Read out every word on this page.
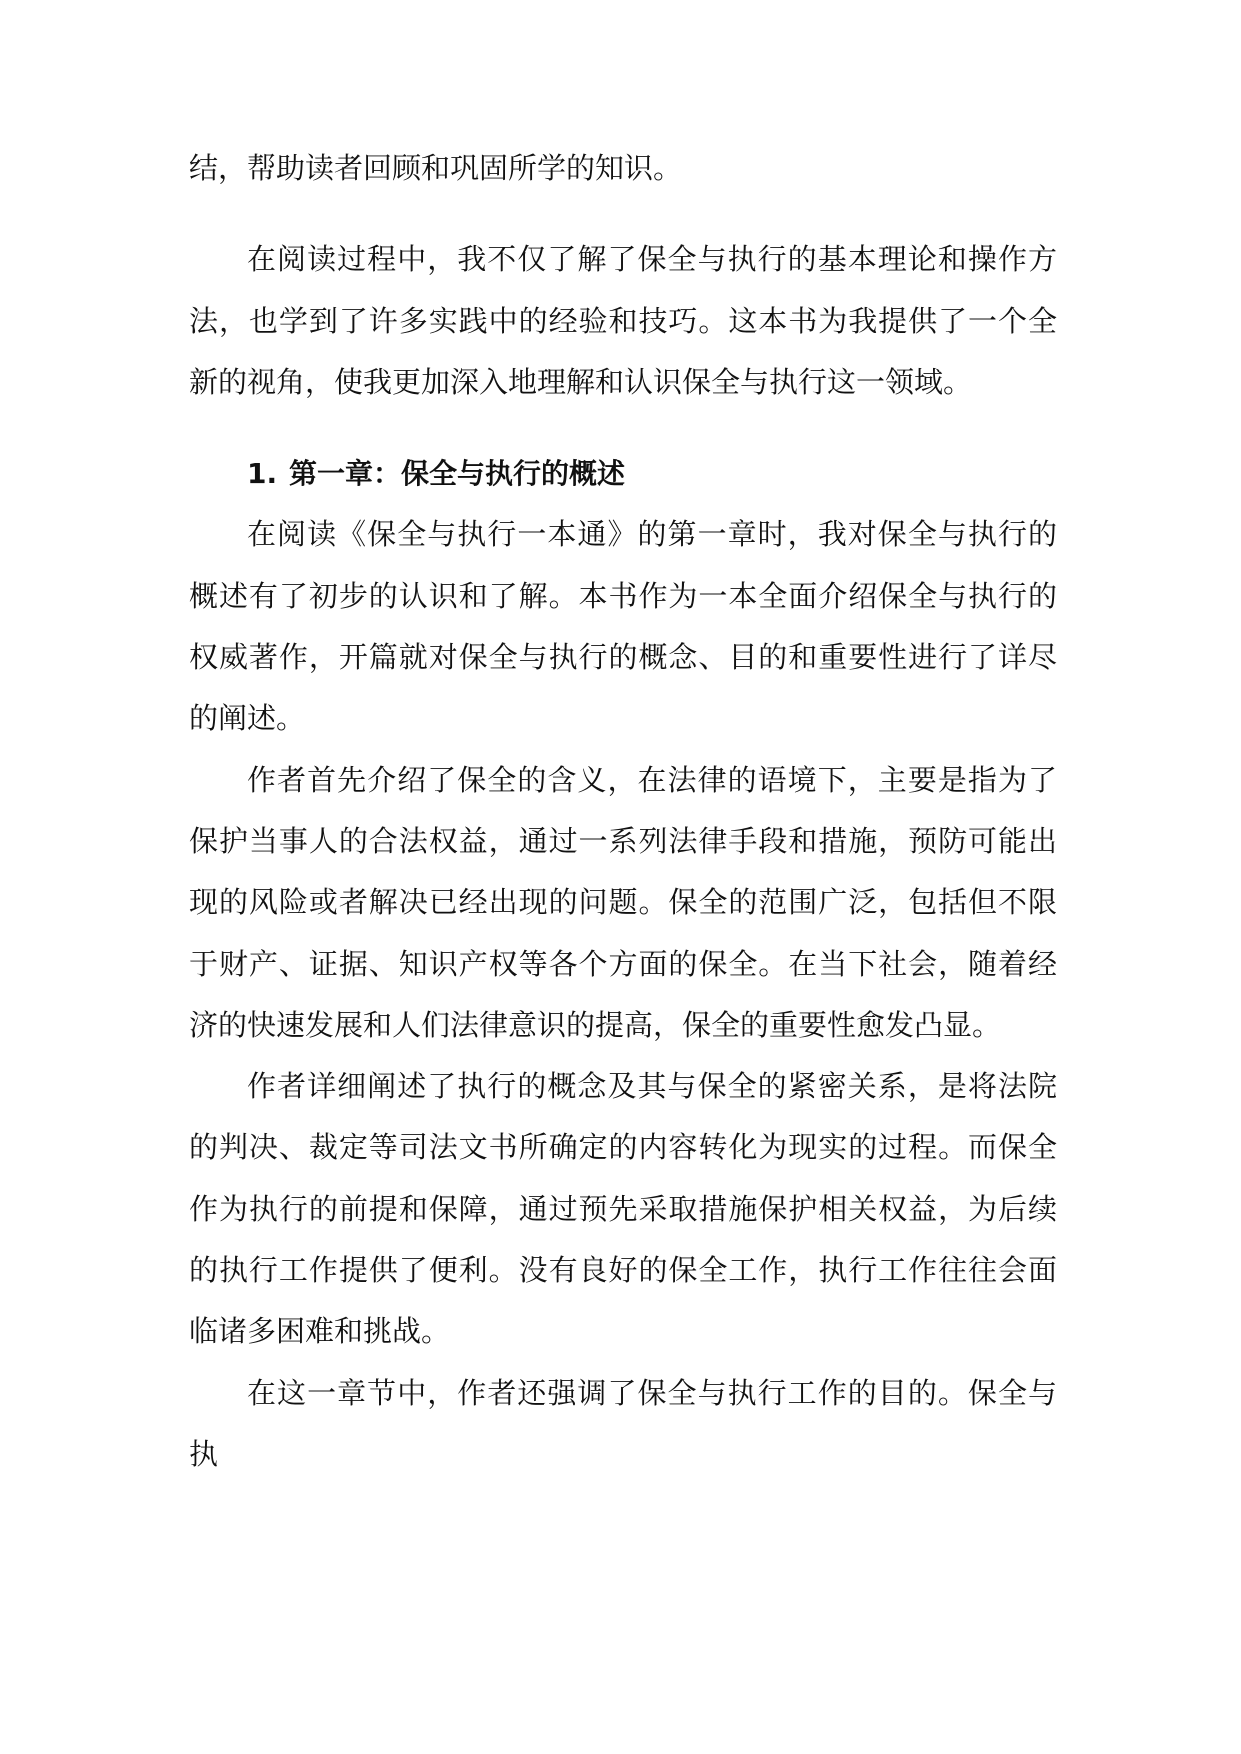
结，帮助读者回顾和巩固所学的知识。

在阅读过程中，我不仅了解了保全与执行的基本理论和操作方法，也学到了许多实践中的经验和技巧。这本书为我提供了一个全新的视角，使我更加深入地理解和认识保全与执行这一领域。

1. 第一章：保全与执行的概述

在阅读《保全与执行一本通》的第一章时，我对保全与执行的概述有了初步的认识和了解。本书作为一本全面介绍保全与执行的权威著作，开篇就对保全与执行的概念、目的和重要性进行了详尽的阐述。

作者首先介绍了保全的含义，在法律的语境下，主要是指为了保护当事人的合法权益，通过一系列法律手段和措施，预防可能出现的风险或者解决已经出现的问题。保全的范围广泛，包括但不限于财产、证据、知识产权等各个方面的保全。在当下社会，随着经济的快速发展和人们法律意识的提高，保全的重要性愈发凸显。

作者详细阐述了执行的概念及其与保全的紧密关系，是将法院的判决、裁定等司法文书所确定的内容转化为现实的过程。而保全作为执行的前提和保障，通过预先采取措施保护相关权益，为后续的执行工作提供了便利。没有良好的保全工作，执行工作往往会面临诸多困难和挑战。

在这一章节中，作者还强调了保全与执行工作的目的。保全与执
